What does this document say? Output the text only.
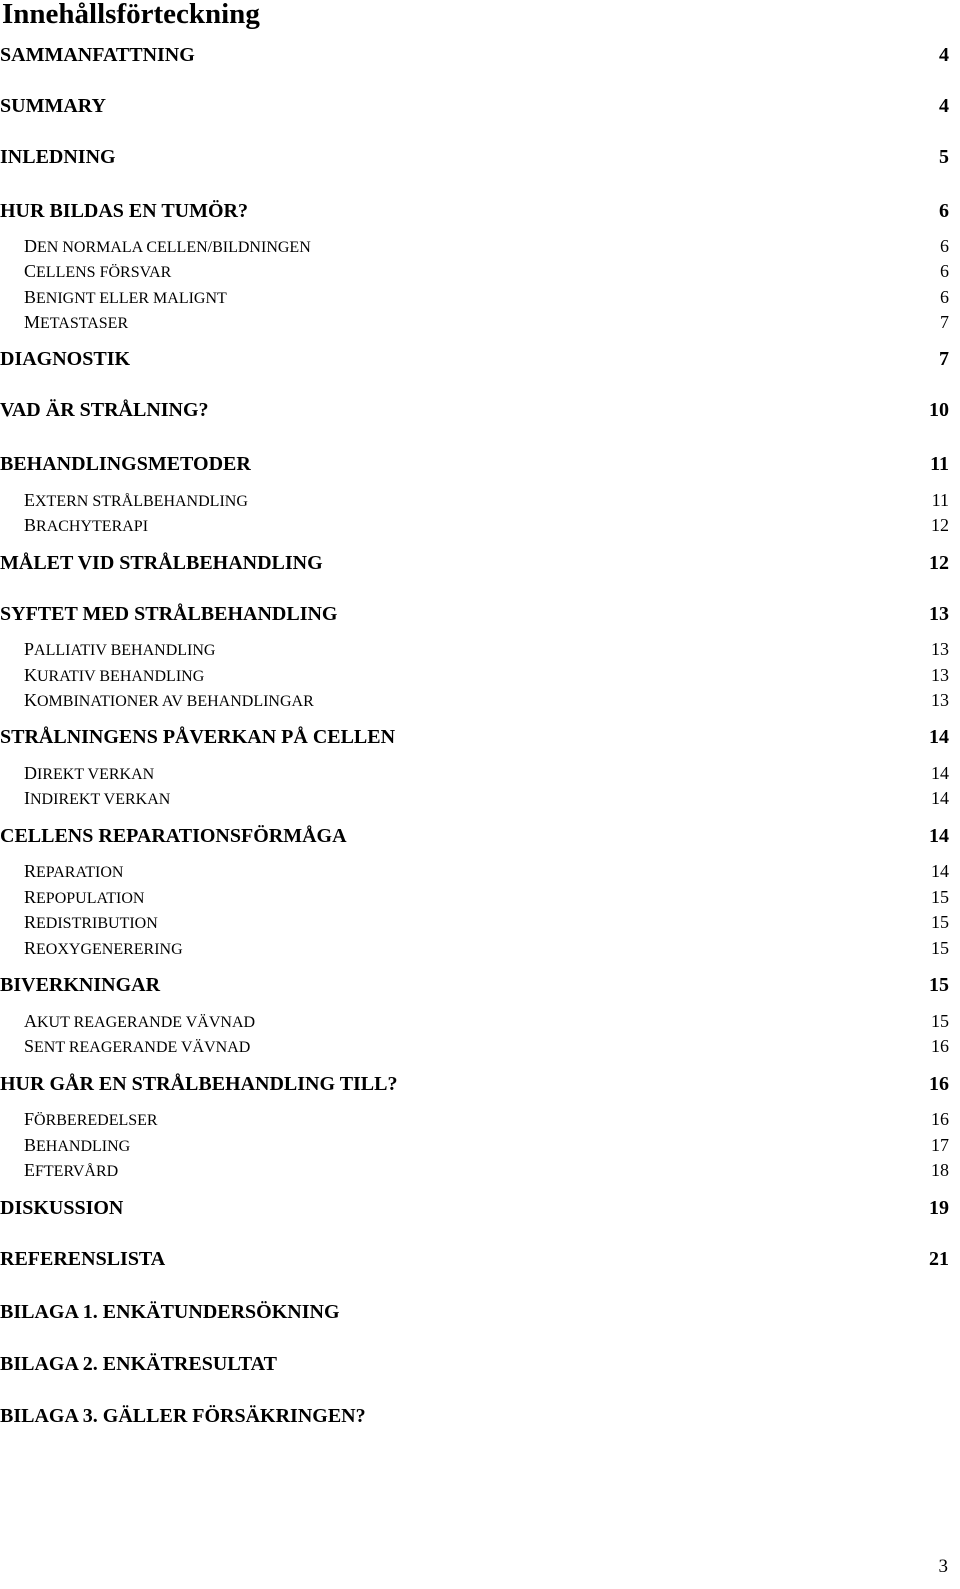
Innehållsförteckning
SAMMANFATTNING	4
SUMMARY	4
INLEDNING	5
HUR BILDAS EN TUMÖR?	6
D EN NORMALA CELLEN/BILDNINGEN	6
C ELLENS FÖRSVAR	6
B ENIGNT ELLER MALIGNT	6
M ETASTASER	7
DIAGNOSTIK	7
VAD ÄR STRÅLNING?	10
BEHANDLINGSMETODER	11
E XTERN STRÅLBEHANDLING	11
B RACHYTERAPI	12
MÅLET VID STRÅLBEHANDLING	12
SYFTET MED STRÅLBEHANDLING	13
P ALLIATIV BEHANDLING	13
K URATIV BEHANDLING	13
K OMBINATIONER AV BEHANDLINGAR	13
STRÅLNINGENS PÅVERKAN PÅ CELLEN	14
D IREKT VERKAN	14
I NDIREKT VERKAN	14
CELLENS REPARATIONSFÖRMÅGA	14
R EPARATION	14
R EPOPULATION	15
R EDISTRIBUTION	15
R EOXYGENERERING	15
BIVERKNINGAR	15
A KUT REAGERANDE VÄVNAD	15
S ENT REAGERANDE VÄVNAD	16
HUR GÅR EN STRÅLBEHANDLING TILL?	16
F ÖRBEREDELSER	16
B EHANDLING	17
E FTERVÅRD	18
DISKUSSION	19
REFERENSLISTA	21
BILAGA 1. ENKÄTUNDERSÖKNING
BILAGA 2. ENKÄTRESULTAT
BILAGA 3. GÄLLER FÖRSÄKRINGEN?
3
